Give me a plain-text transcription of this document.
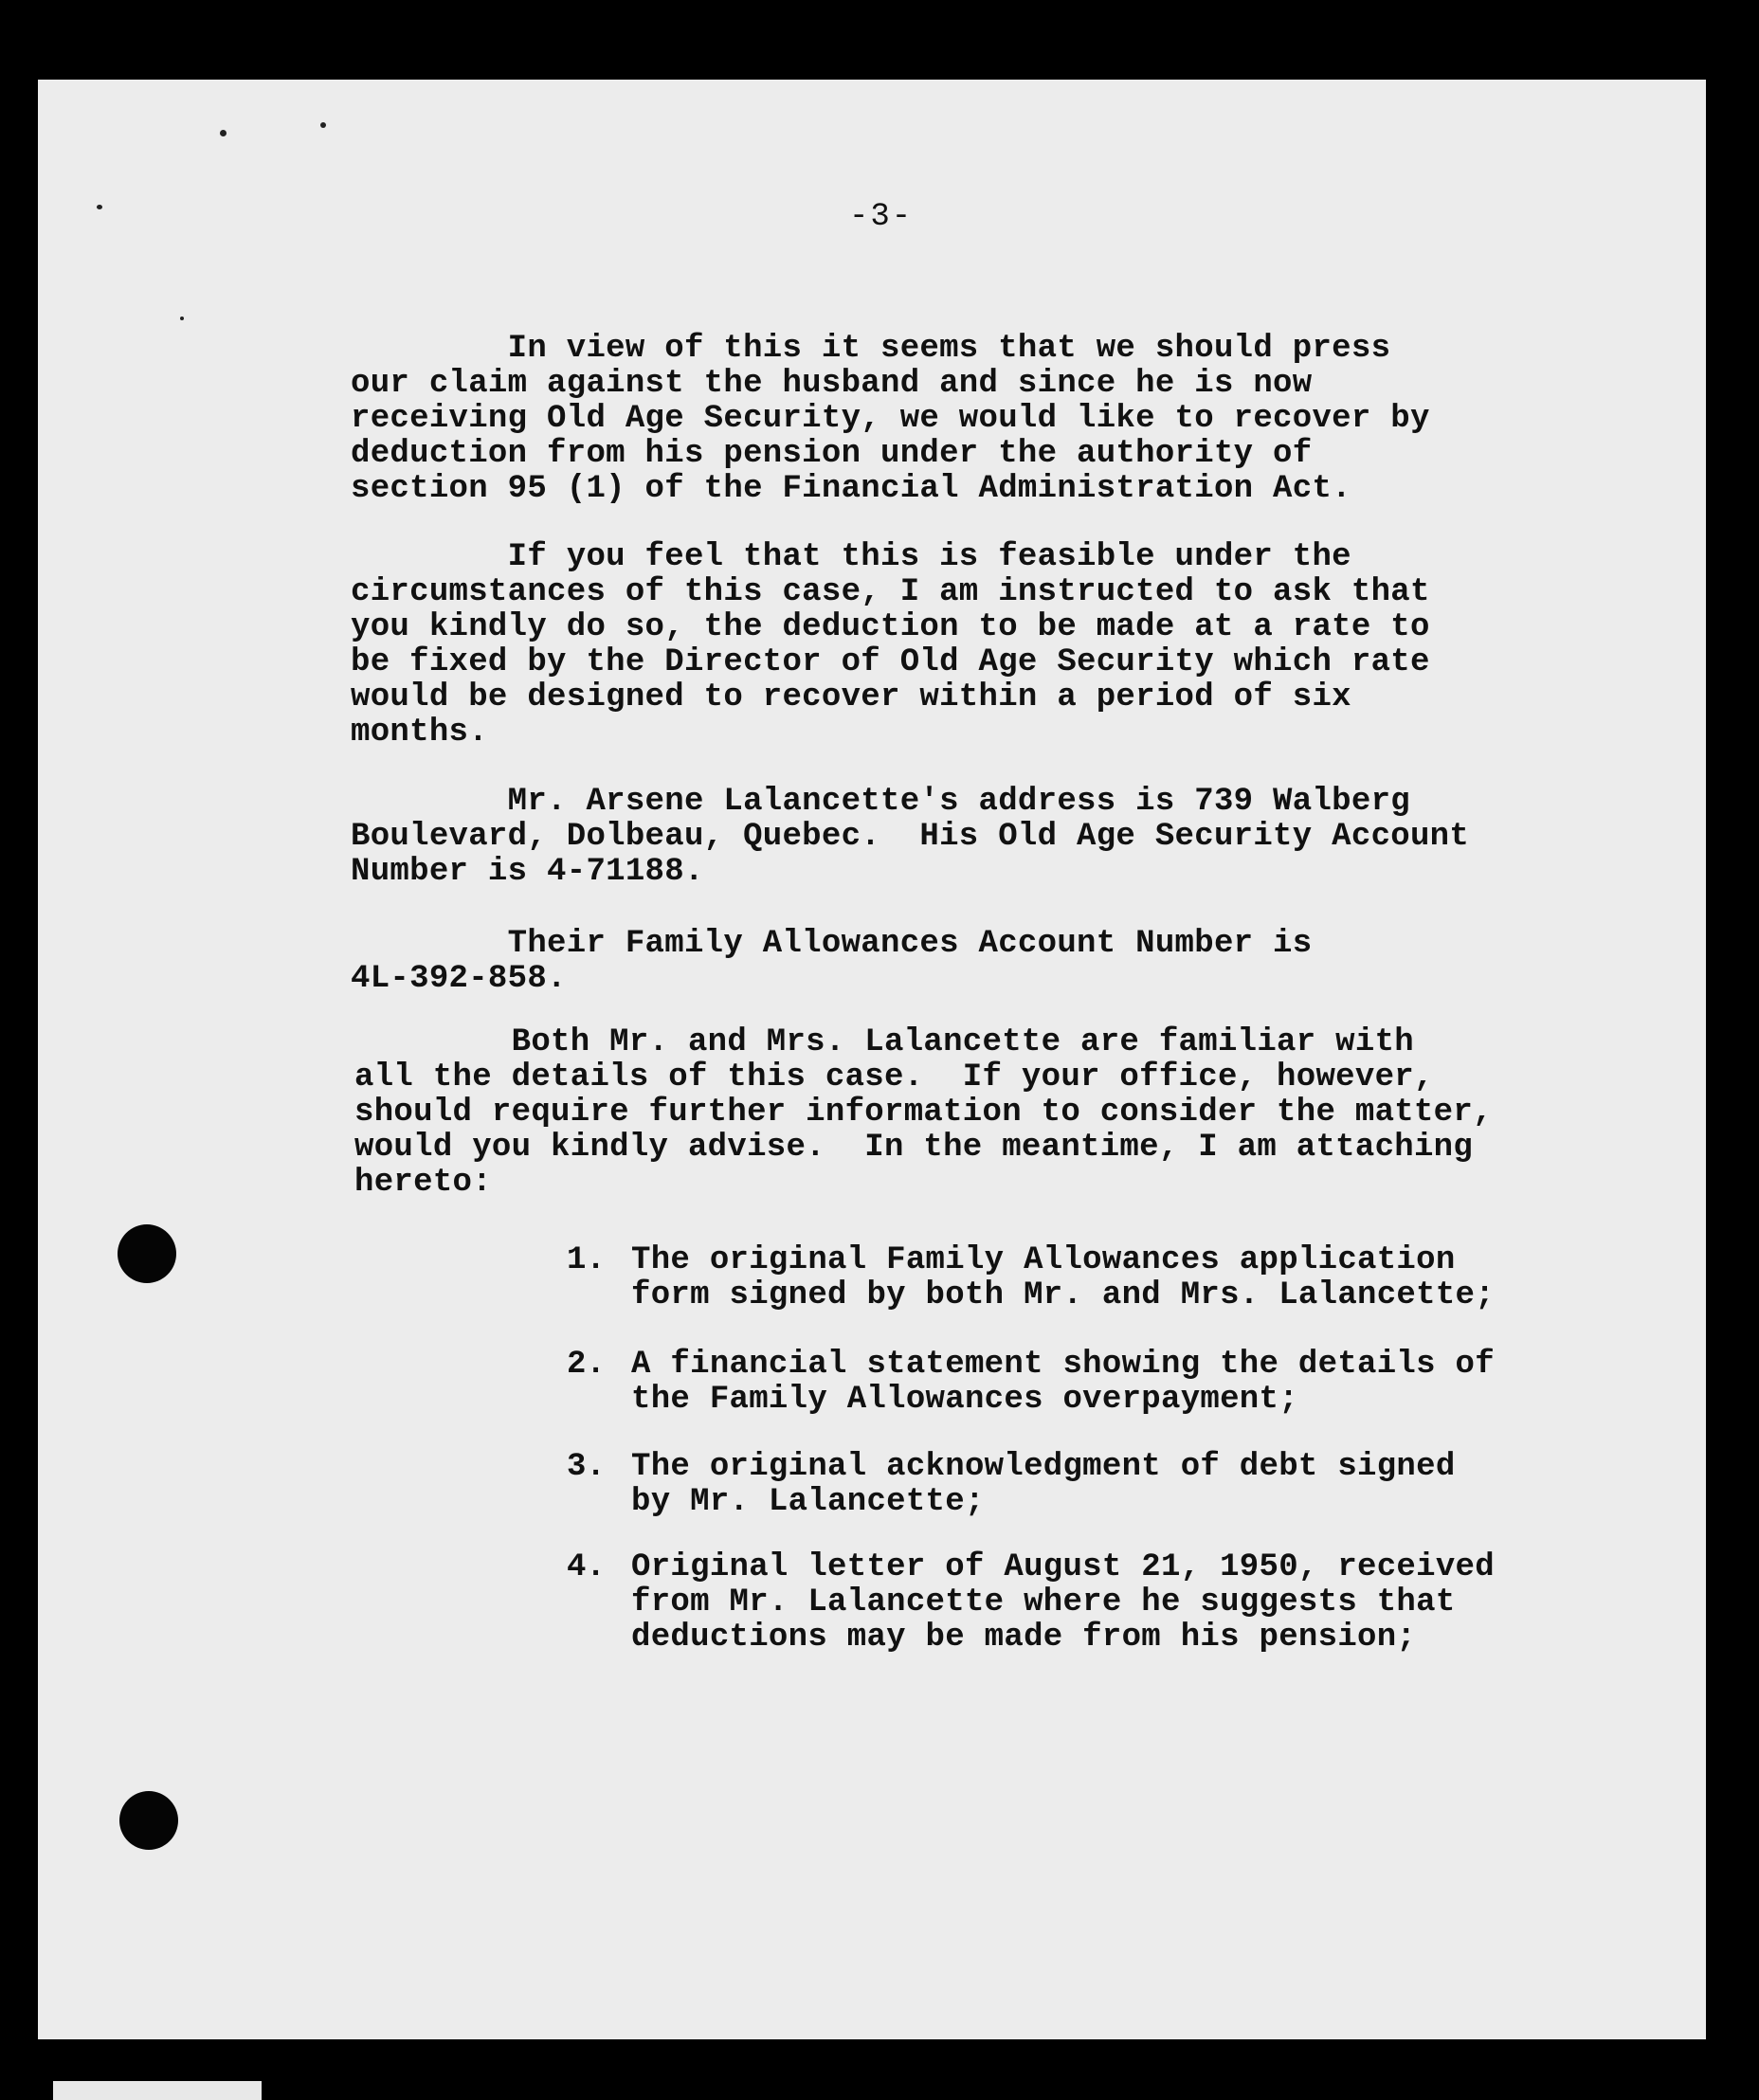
-3-

In view of this it seems that we should press
our claim against the husband and since he is now
receiving Old Age Security, we would like to recover by
deduction from his pension under the authority of
section 95 (1) of the Financial Administration Act.

If you feel that this is feasible under the
circumstances of this case, I am instructed to ask that
you kindly do so, the deduction to be made at a rate to
be fixed by the Director of Old Age Security which rate
would be designed to recover within a period of six
months.

Mr. Arsene Lalancette's address is 739 Walberg
Boulevard, Dolbeau, Quebec.  His Old Age Security Account
Number is 4-71188.

Their Family Allowances Account Number is
4L-392-858.

Both Mr. and Mrs. Lalancette are familiar with
all the details of this case.  If your office, however,
should require further information to consider the matter,
would you kindly advise.  In the meantime, I am attaching
hereto:

1. The original Family Allowances application
form signed by both Mr. and Mrs. Lalancette;

2. A financial statement showing the details of
the Family Allowances overpayment;

3. The original acknowledgment of debt signed
by Mr. Lalancette;

4. Original letter of August 21, 1950, received
from Mr. Lalancette where he suggests that
deductions may be made from his pension;
